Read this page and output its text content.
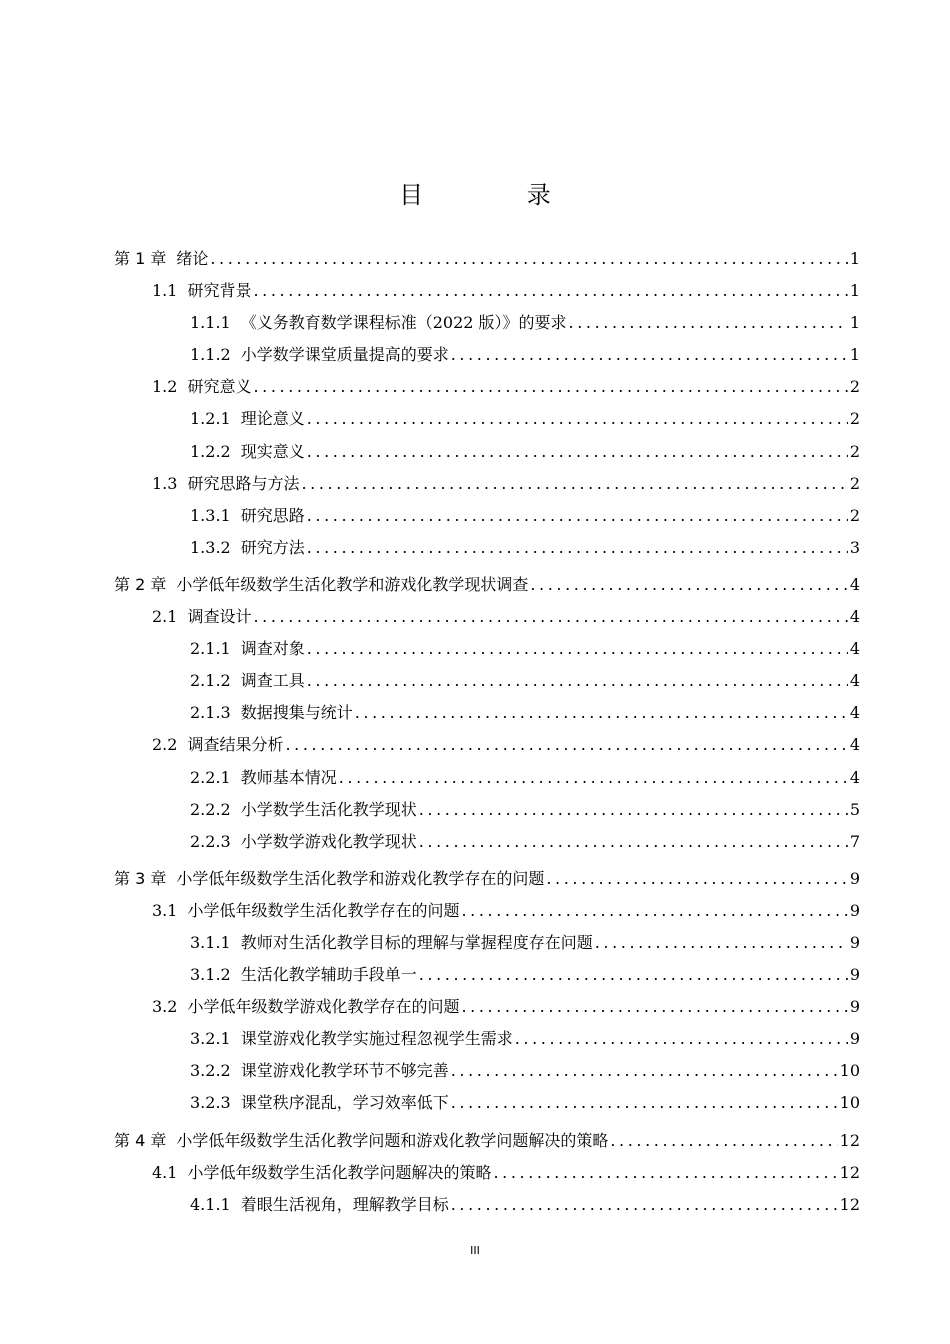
目 录
第 1 章 绪论 .....	1
1.1 研究背景 .....	1
1.1.1 《义务教育数学课程标准（2022 版）》的要求 .....	1
1.1.2 小学数学课堂质量提高的要求 .....	1
1.2 研究意义 .....	2
1.2.1 理论意义 .....	2
1.2.2 现实意义 .....	2
1.3 研究思路与方法 .....	2
1.3.1 研究思路 .....	2
1.3.2 研究方法 .....	3
第 2 章 小学低年级数学生活化教学和游戏化教学现状调查 .....	4
2.1 调查设计 .....	4
2.1.1 调查对象 .....	4
2.1.2 调查工具 .....	4
2.1.3 数据搜集与统计 .....	4
2.2 调查结果分析 .....	4
2.2.1 教师基本情况 .....	4
2.2.2 小学数学生活化教学现状 .....	5
2.2.3 小学数学游戏化教学现状 .....	7
第 3 章 小学低年级数学生活化教学和游戏化教学存在的问题 .....	9
3.1 小学低年级数学生活化教学存在的问题 .....	9
3.1.1 教师对生活化教学目标的理解与掌握程度存在问题 .....	9
3.1.2 生活化教学辅助手段单一 .....	9
3.2 小学低年级数学游戏化教学存在的问题 .....	9
3.2.1 课堂游戏化教学实施过程忽视学生需求 .....	9
3.2.2 课堂游戏化教学环节不够完善 .....	10
3.2.3 课堂秩序混乱，学习效率低下 .....	10
第 4 章 小学低年级数学生活化教学问题和游戏化教学问题解决的策略 .....	12
4.1 小学低年级数学生活化教学问题解决的策略 .....	12
4.1.1 着眼生活视角，理解教学目标 .....	12
III
